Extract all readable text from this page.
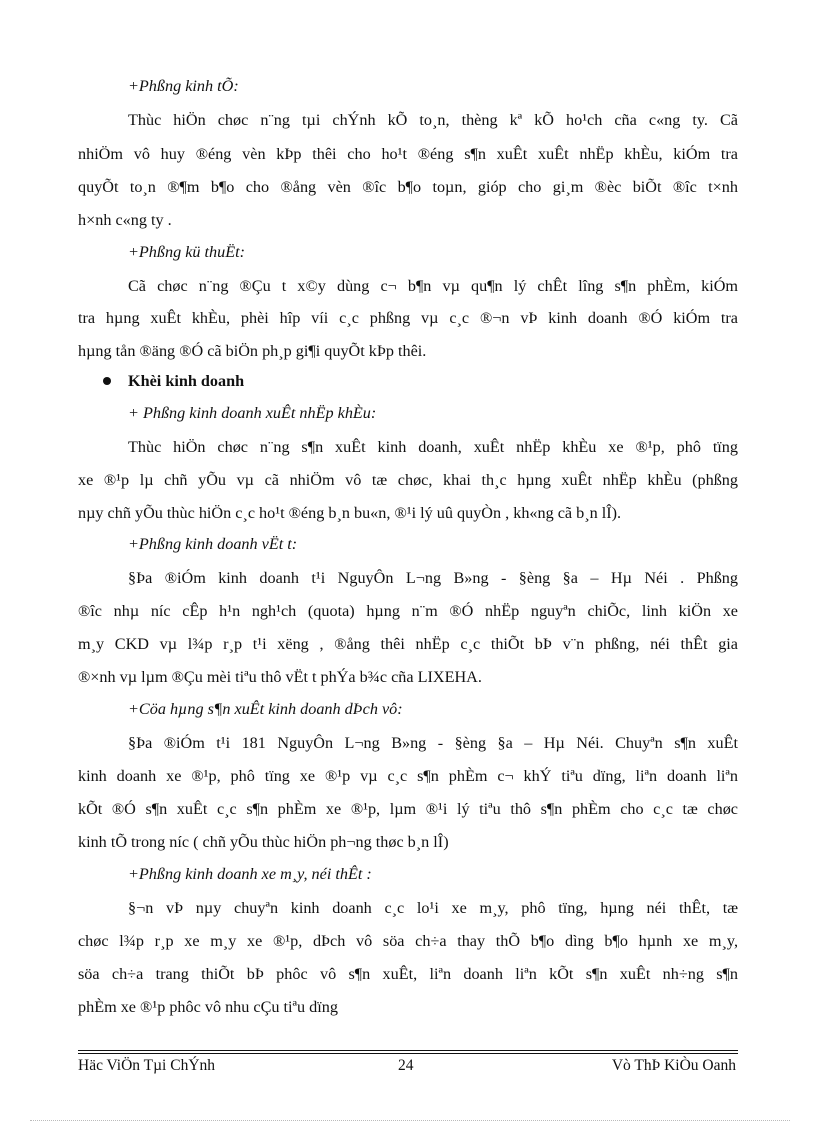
+Phßng kinh tÕ:
Thùc hiÖn chøc n¨ng tµi chÝnh kÕ to¸n, thèng kª kÕ ho¹ch cña c«ng ty. Cã
nhiÖm vô huy ®éng vèn kÞp thêi cho ho¹t ®éng s¶n xuÊt xuÊt nhËp khÈu, kiÓm tra
quyÕt to¸n ®¶m b¶o cho ®ång vèn ®îc b¶o toµn, gióp cho gi¸m ®èc biÕt ®îc t×nh
h×nh c«ng ty .
+Phßng kü thuËt:
Cã chøc n¨ng ®Çu t x©y dùng c¬ b¶n vµ qu¶n lý chÊt lîng s¶n phÈm, kiÓm
tra hµng xuÊt khÈu, phèi hîp víi c¸c phßng vµ c¸c ®¬n vÞ kinh doanh ®Ó kiÓm tra
hµng tån ®äng ®Ó cã biÖn ph¸p gi¶i quyÕt kÞp thêi.
Khèi kinh doanh
+ Phßng kinh doanh xuÊt nhËp khÈu:
Thùc hiÖn chøc n¨ng s¶n xuÊt kinh doanh, xuÊt nhËp khÈu xe ®¹p, phô tïng
xe ®¹p lµ chñ yÕu vµ cã nhiÖm vô tæ chøc, khai th¸c hµng xuÊt nhËp khÈu (phßng
nµy chñ yÕu thùc hiÖn c¸c ho¹t ®éng b¸n bu«n, ®¹i lý uû quyÒn , kh«ng cã b¸n lÎ).
+Phßng kinh doanh vËt t:
§Þa ®iÓm kinh doanh t¹i NguyÔn L¬ng B»ng - §èng §a – Hµ Néi . Phßng
®îc nhµ níc cÊp h¹n ngh¹ch (quota) hµng n¨m ®Ó nhËp nguyªn chiÕc, linh kiÖn xe
m¸y CKD vµ l¾p r¸p t¹i xëng , ®ång thêi nhËp c¸c thiÕt bÞ v¨n phßng, néi thÊt gia
®×nh vµ lµm ®Çu mèi tiªu thô vËt t phÝa b¾c cña LIXEHA.
+Cöa hµng s¶n xuÊt kinh doanh dÞch vô:
§Þa ®iÓm t¹i 181 NguyÔn L¬ng B»ng - §èng §a – Hµ Néi. Chuyªn s¶n xuÊt
kinh doanh xe ®¹p, phô tïng xe ®¹p vµ c¸c s¶n phÈm c¬ khÝ tiªu dïng, liªn doanh liªn
kÕt ®Ó s¶n xuÊt c¸c s¶n phÈm xe ®¹p, lµm ®¹i lý tiªu thô s¶n phÈm cho c¸c tæ chøc
kinh tÕ trong níc ( chñ yÕu thùc hiÖn ph¬ng thøc b¸n lÎ)
+Phßng kinh doanh xe m¸y, néi thÊt :
§¬n vÞ nµy chuyªn kinh doanh c¸c lo¹i xe m¸y, phô tïng, hµng néi thÊt, tæ
chøc l¾p r¸p xe m¸y xe ®¹p, dÞch vô söa ch÷a thay thÕ b¶o dìng b¶o hµnh xe m¸y,
söa ch÷a trang thiÕt bÞ phôc vô s¶n xuÊt, liªn doanh liªn kÕt s¶n xuÊt nh÷ng s¶n
phÈm xe ®¹p phôc vô nhu cÇu tiªu dïng
Häc ViÖn Tµi ChÝnh	24	Vò ThÞ KiÒu Oanh
